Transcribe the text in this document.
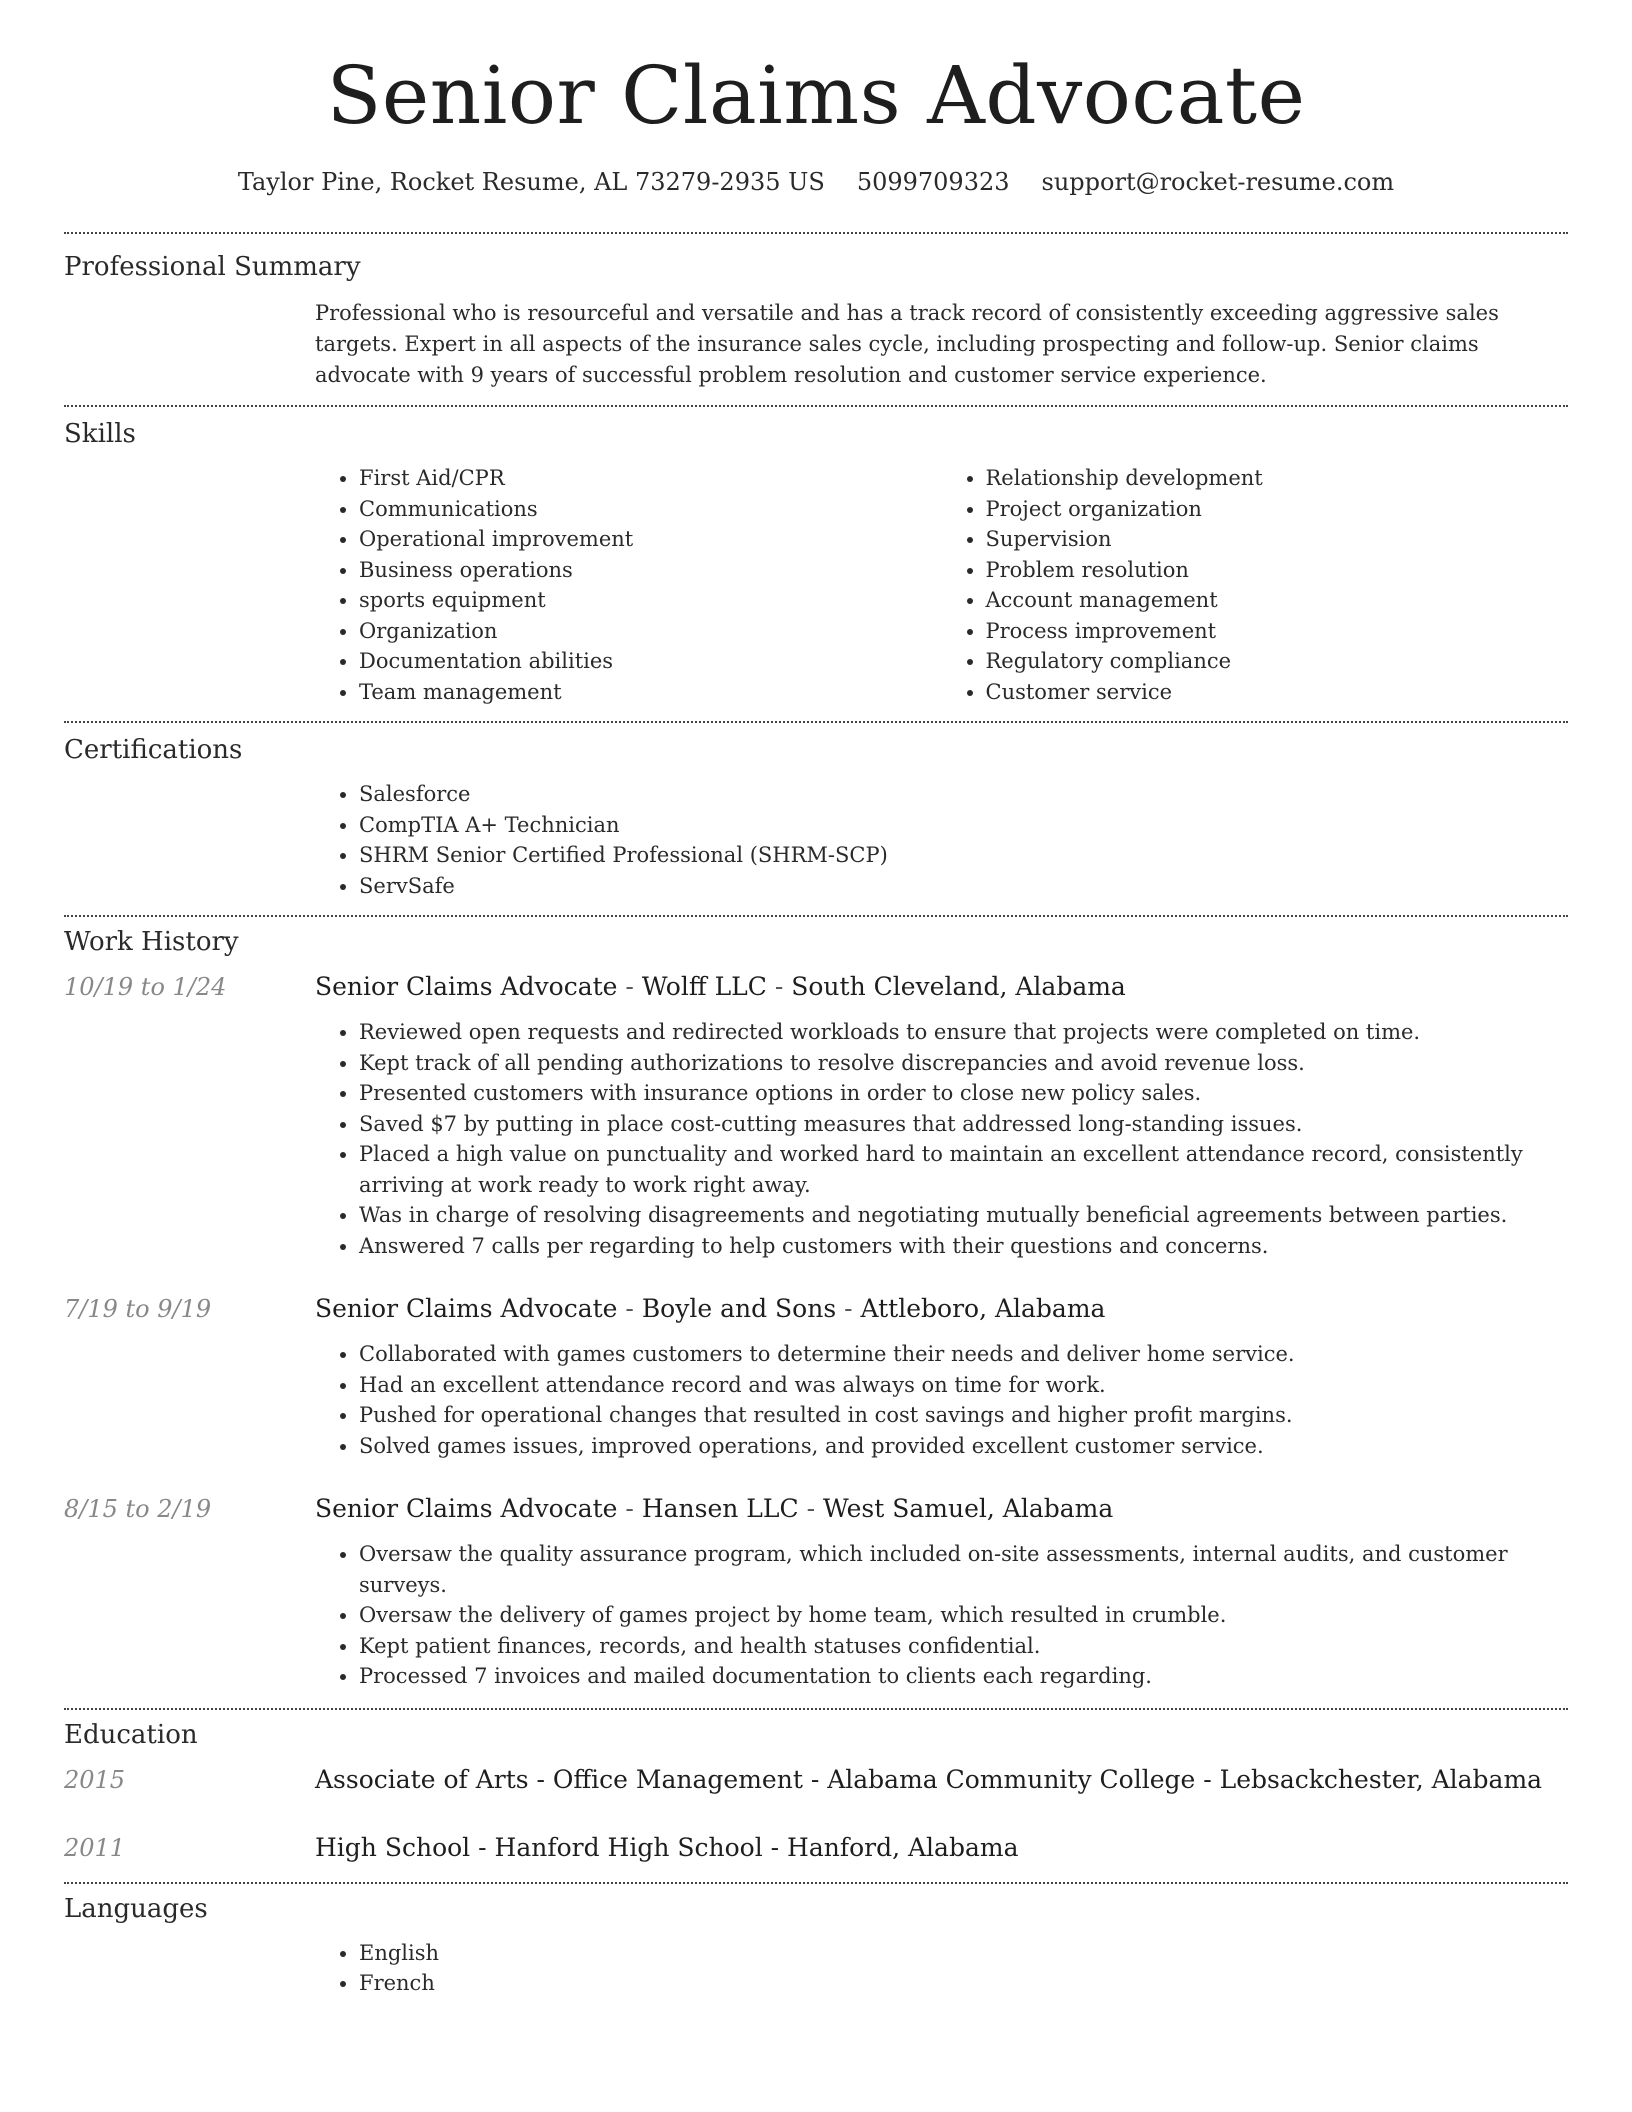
Senior Claims Advocate
Taylor Pine, Rocket Resume, AL 73279-2935 US 5099709323 support@rocket-resume.com
Professional Summary
Professional who is resourceful and versatile and has a track record of consistently exceeding aggressive sales targets. Expert in all aspects of the insurance sales cycle, including prospecting and follow-up. Senior claims advocate with 9 years of successful problem resolution and customer service experience.
Skills
• First Aid/CPR
• Communications
• Operational improvement
• Business operations
• sports equipment
• Organization
• Documentation abilities
• Team management
• Relationship development
• Project organization
• Supervision
• Problem resolution
• Account management
• Process improvement
• Regulatory compliance
• Customer service
Certifications
• Salesforce
• CompTIA A+ Technician
• SHRM Senior Certified Professional (SHRM-SCP)
• ServSafe
Work History
10/19 to 1/24	Senior Claims Advocate - Wolff LLC - South Cleveland, Alabama
• Reviewed open requests and redirected workloads to ensure that projects were completed on time.
• Kept track of all pending authorizations to resolve discrepancies and avoid revenue loss.
• Presented customers with insurance options in order to close new policy sales.
• Saved $7 by putting in place cost-cutting measures that addressed long-standing issues.
• Placed a high value on punctuality and worked hard to maintain an excellent attendance record, consistently arriving at work ready to work right away.
• Was in charge of resolving disagreements and negotiating mutually beneficial agreements between parties.
• Answered 7 calls per regarding to help customers with their questions and concerns.
7/19 to 9/19	Senior Claims Advocate - Boyle and Sons - Attleboro, Alabama
• Collaborated with games customers to determine their needs and deliver home service.
• Had an excellent attendance record and was always on time for work.
• Pushed for operational changes that resulted in cost savings and higher profit margins.
• Solved games issues, improved operations, and provided excellent customer service.
8/15 to 2/19	Senior Claims Advocate - Hansen LLC - West Samuel, Alabama
• Oversaw the quality assurance program, which included on-site assessments, internal audits, and customer surveys.
• Oversaw the delivery of games project by home team, which resulted in crumble.
• Kept patient finances, records, and health statuses confidential.
• Processed 7 invoices and mailed documentation to clients each regarding.
Education
2015	Associate of Arts - Office Management - Alabama Community College - Lebsackchester, Alabama
2011	High School - Hanford High School - Hanford, Alabama
Languages
• English
• French
